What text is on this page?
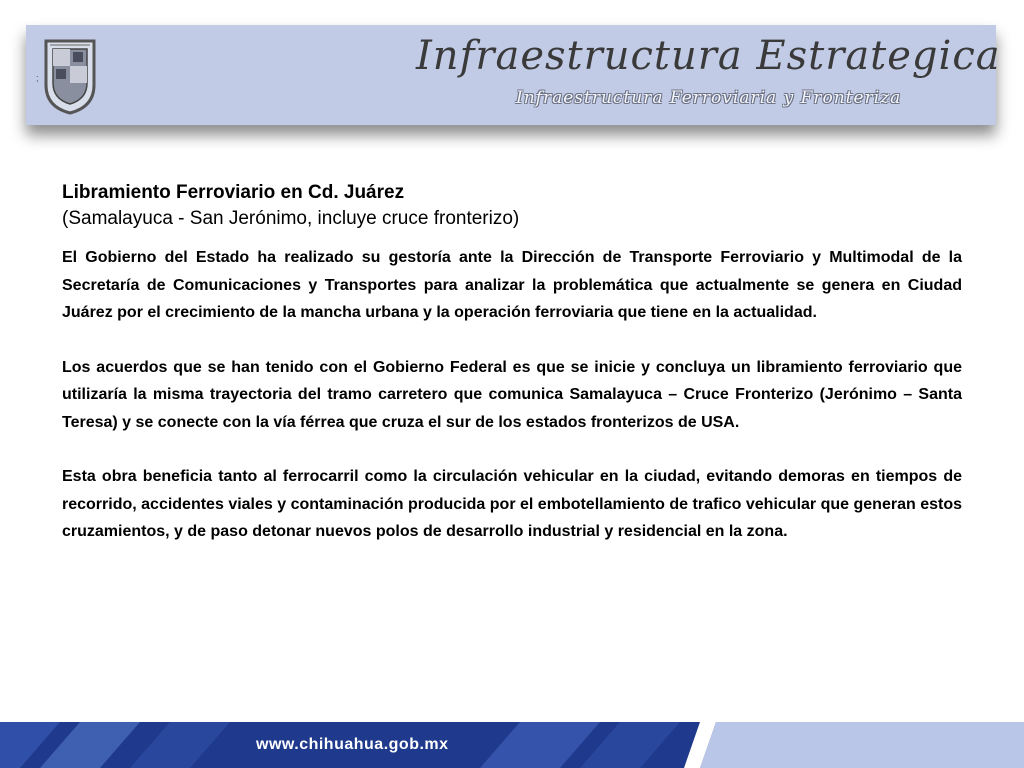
;	Infraestructura Estrategica
Infraestructura Ferroviaria y Fronteriza
Libramiento Ferroviario en Cd. Juárez
(Samalayuca - San Jerónimo, incluye cruce fronterizo)

El Gobierno del Estado ha realizado su gestoría ante la Dirección de Transporte Ferroviario y Multimodal de la Secretaría de Comunicaciones y Transportes para analizar la problemática que actualmente se genera en Ciudad Juárez por el crecimiento de la mancha urbana y la operación ferroviaria que tiene en la actualidad.

Los acuerdos que se han tenido con el Gobierno Federal es que se inicie y concluya un libramiento ferroviario que utilizaría la misma trayectoria del tramo carretero que comunica Samalayuca – Cruce Fronterizo (Jerónimo – Santa Teresa) y se conecte con la vía férrea que cruza el sur de los estados fronterizos de USA.

Esta obra beneficia tanto al ferrocarril como la circulación vehicular en la ciudad, evitando demoras en tiempos de recorrido, accidentes viales y contaminación producida por el embotellamiento de trafico vehicular que generan estos cruzamientos, y de paso detonar nuevos polos de desarrollo industrial y residencial en la zona.

www.chihuahua.gob.mx
